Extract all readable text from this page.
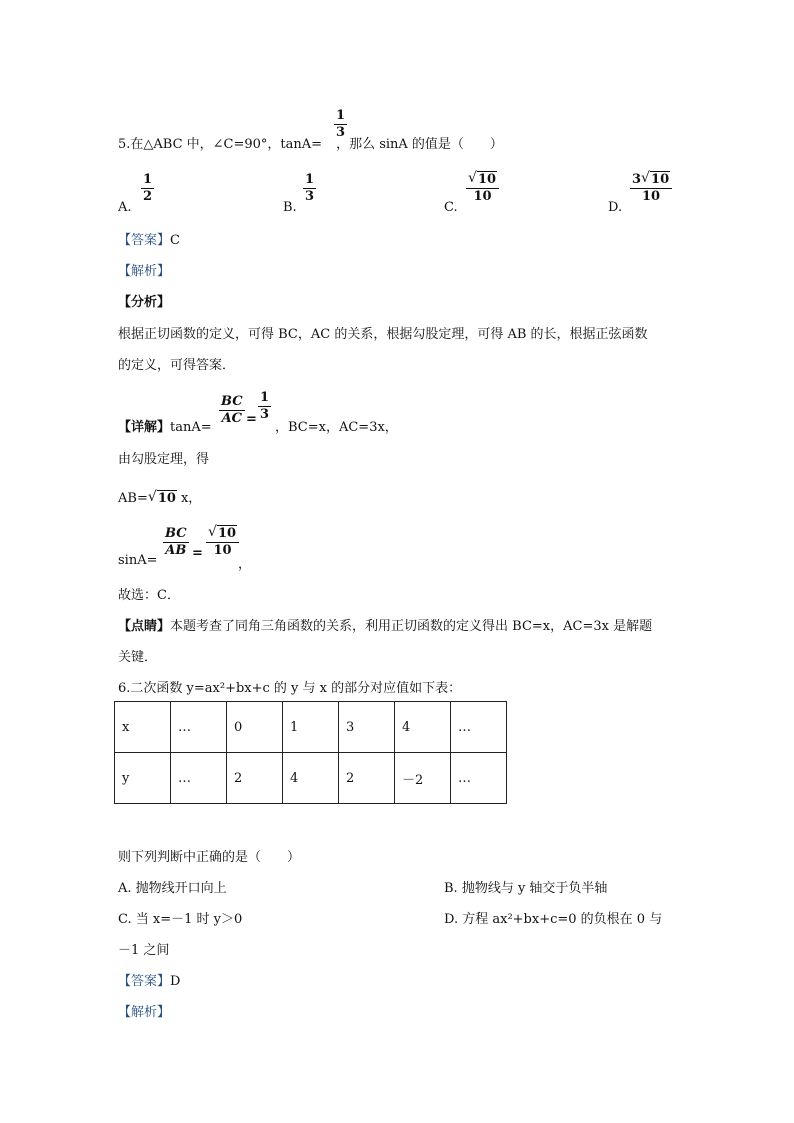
$\frac{1}{3}$
5.在△ABC 中，∠C=90°，tanA= ，那么 sinA 的值是（　　）
A.
$\frac{1}{2}$
B.
$\frac{1}{3}$
C.
$\frac{√ 10}{10}$
D.
$\frac{3 √ 10}{10}$
【答案】C
【解析】
【分析】
根据正切函数的定义，可得 BC，AC 的关系，根据勾股定理，可得 AB 的长，根据正弦函数
的定义，可得答案．
【详解】tanA=
$\frac{BC}{AC} = \frac{1}{3}$
，BC=x，AC=3x，
由勾股定理，得
AB= √ 10 x，
sinA=
$\frac{BC}{AB} = \frac{√ 10}{10}$
，
故选：C．
【点睛】本题考查了同角三角函数的关系，利用正切函数的定义得出 BC=x，AC=3x 是解题
关键．
6.二次函数 y=ax²+bx+c 的 y 与 x 的部分对应值如下表：
x	…	0	1	3	4	…
y	…	2	4	2	－2	…
则下列判断中正确的是（　　）
A. 抛物线开口向上	B. 抛物线与 y 轴交于负半轴
C. 当 x=－1 时 y＞0	D. 方程 ax²+bx+c=0 的负根在 0 与
－1 之间
【答案】D
【解析】
